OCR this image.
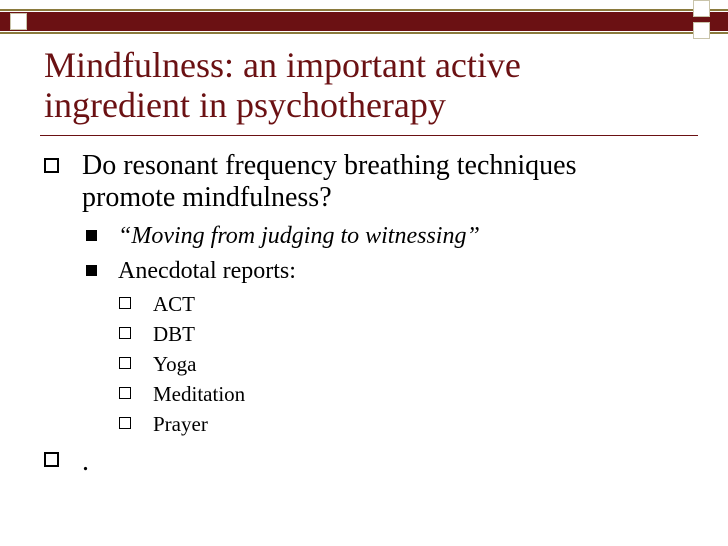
Mindfulness: an important active
ingredient in psychotherapy
Do resonant frequency breathing techniques
promote mindfulness?
“Moving from judging to witnessing”
Anecdotal reports:
ACT
DBT
Yoga
Meditation
Prayer
.
